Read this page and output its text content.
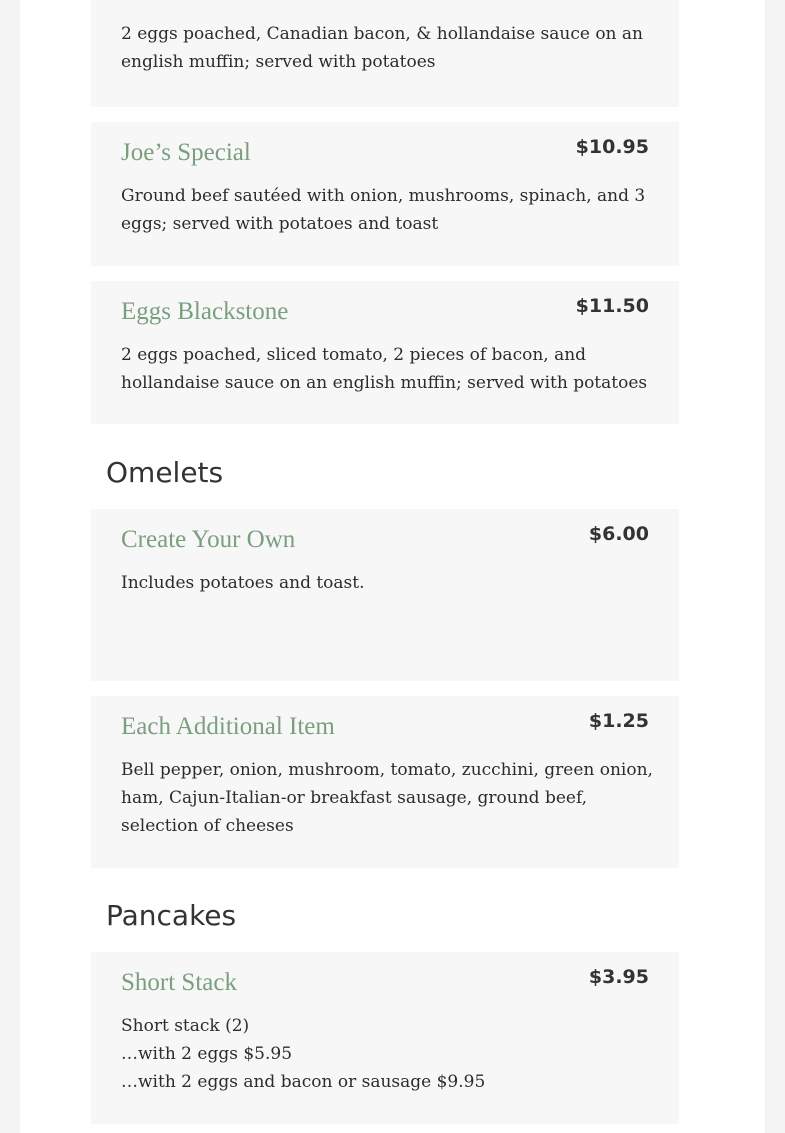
2 eggs poached, Canadian bacon, & hollandaise sauce on an
english muffin; served with potatoes
Joe’s Special	$10.95
Ground beef sautéed with onion, mushrooms, spinach, and 3
eggs; served with potatoes and toast
Eggs Blackstone	$11.50
2 eggs poached, sliced tomato, 2 pieces of bacon, and
hollandaise sauce on an english muffin; served with potatoes
Omelets
Create Your Own	$6.00
Includes potatoes and toast.
Each Additional Item	$1.25
Bell pepper, onion, mushroom, tomato, zucchini, green onion,
ham, Cajun-Italian-or breakfast sausage, ground beef,
selection of cheeses
Pancakes
Short Stack	$3.95
Short stack (2)
…with 2 eggs $5.95
…with 2 eggs and bacon or sausage $9.95
